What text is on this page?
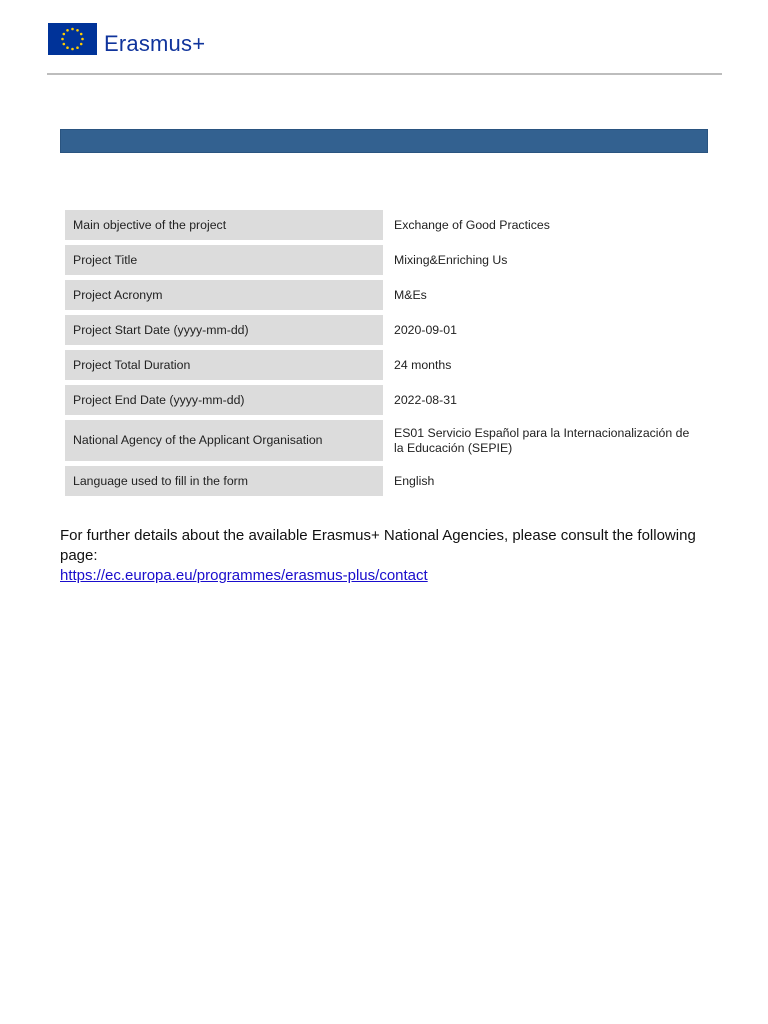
Erasmus+
Main objective of the project	Exchange of Good Practices
Project Title	Mixing&Enriching Us
Project Acronym	M&Es
Project Start Date (yyyy-mm-dd)	2020-09-01
Project Total Duration	24 months
Project End Date (yyyy-mm-dd)	2022-08-31
National Agency of the Applicant Organisation	ES01 Servicio Español para la Internacionalización de la Educación (SEPIE)
Language used to fill in the form	English
For further details about the available Erasmus+ National Agencies, please consult the following page:
https://ec.europa.eu/programmes/erasmus-plus/contact
